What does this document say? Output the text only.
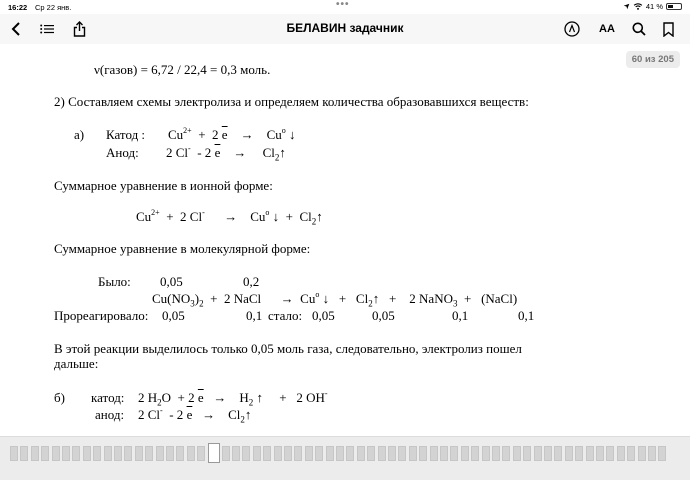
16:22 Ср 22 янв.	•••	41 %
БЕЛАВИН задачник	AA
60 из 205
ν(газов) = 6,72 / 22,4 = 0,3 моль.
2) Составляем схемы электролиза и определяем количества образовавшихся веществ:
а) Катод : $Cu^{2+} + 2$ $\overline{e}$    →    Cu$^o$ ↓
Анод: 2 Cl-  - 2 $\overline{e}$    →     $Cl_2↑$
Суммарное уравнение в ионной форме:
$Cu^{2+} + 2$ Cl-      →    Cu$^o$ ↓  +  $Cl_2↑$
Суммарное уравнение в молекулярной форме:
Было: 0,05	0,2
$Cu(NO_3)_2 + 2$ NaCl      →  Cu$^o$ ↓   +   $Cl_2↑$   +    2 NaNO$_3$  +   (NaCl)
Прореагировало: 0,05	0,1 стало: 0,05	0,05	0,1	0,1
В этой реакции выделилось только 0,05 моль газа, следовательно, электролиз пошел
дальше:
б) катод: 2 $H_2O + 2$ $\overline{e}$   →    $H_2$ ↑     +   2 OH-
анод: 2 Cl-  - 2 $\overline{e}$   →    $Cl_2↑$
